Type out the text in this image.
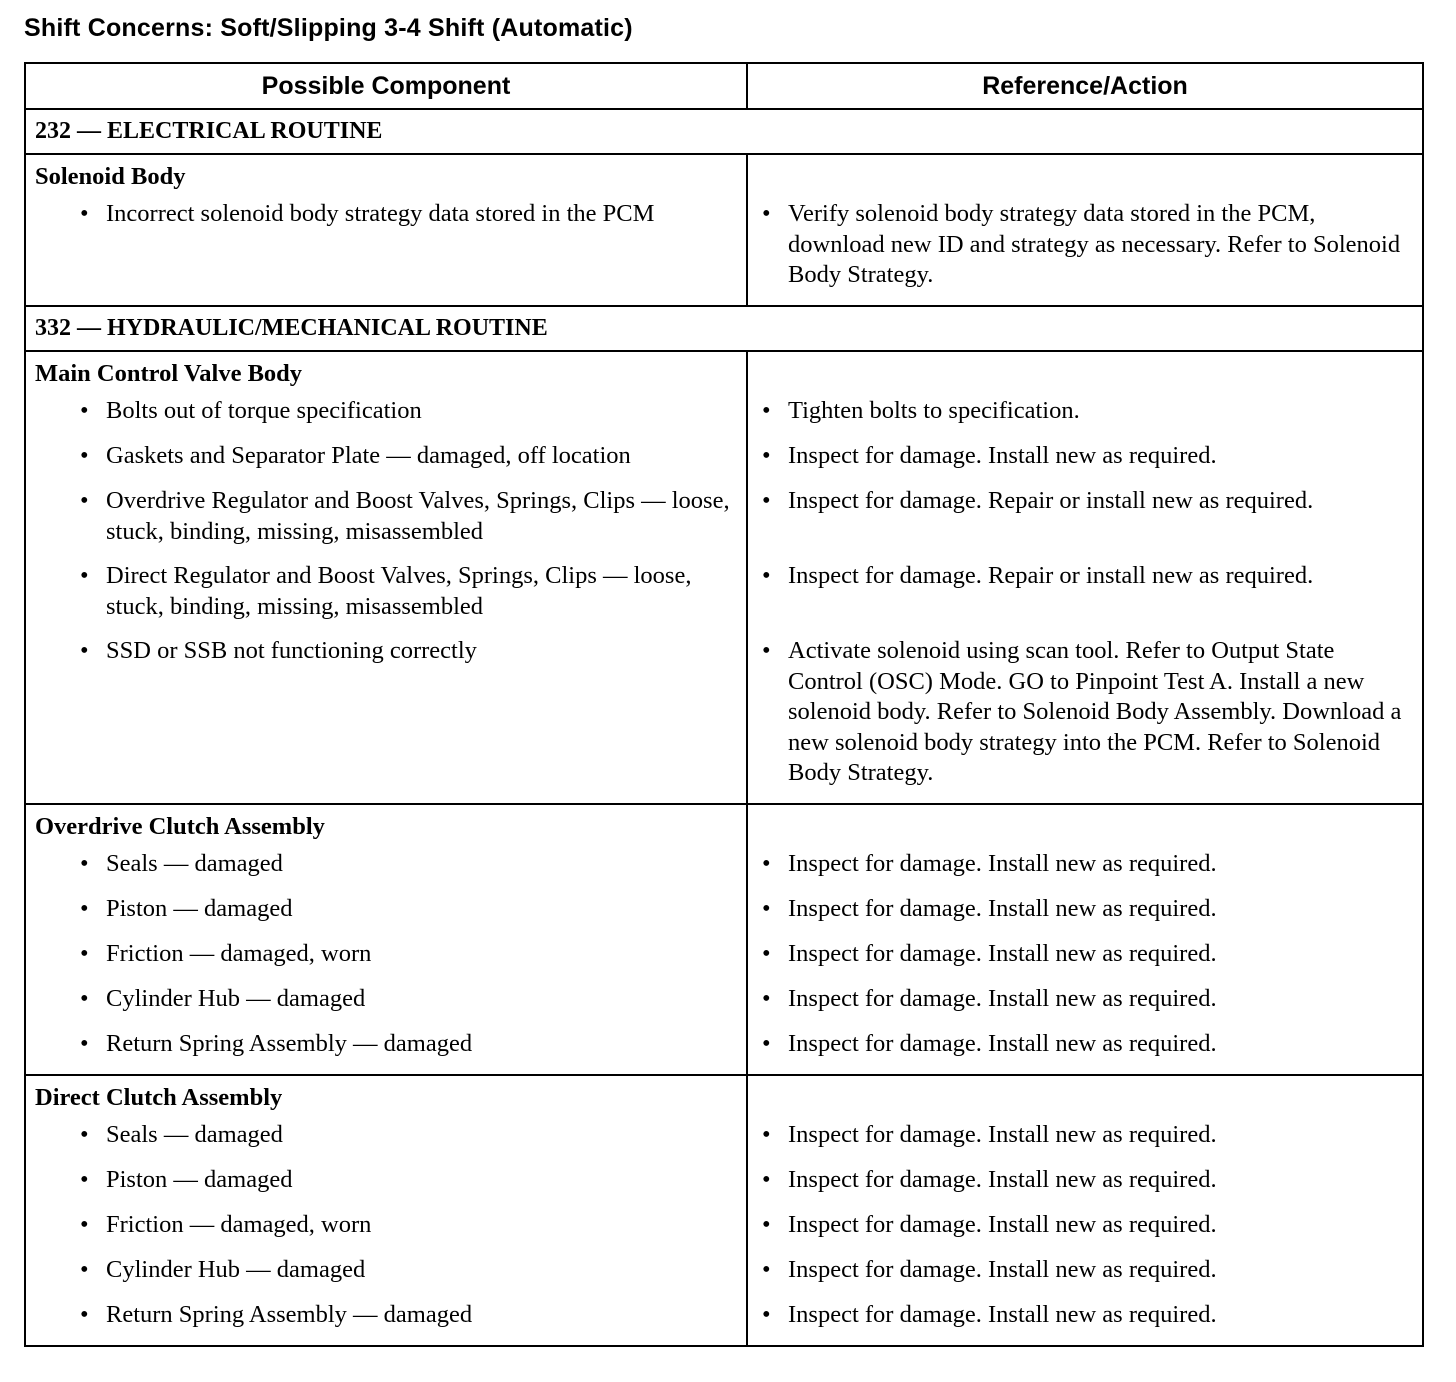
Shift Concerns: Soft/Slipping 3-4 Shift (Automatic)
Possible Component	Reference/Action
232 — ELECTRICAL ROUTINE
Solenoid Body
• Incorrect solenoid body strategy data stored in the PCM	• Verify solenoid body strategy data stored in the PCM, download new ID and strategy as necessary. Refer to Solenoid Body Strategy.
332 — HYDRAULIC/MECHANICAL ROUTINE
Main Control Valve Body
• Bolts out of torque specification
• Gaskets and Separator Plate — damaged, off location
• Overdrive Regulator and Boost Valves, Springs, Clips — loose, stuck, binding, missing, misassembled
• Direct Regulator and Boost Valves, Springs, Clips — loose, stuck, binding, missing, misassembled
• SSD or SSB not functioning correctly
• Tighten bolts to specification.
• Inspect for damage. Install new as required.
• Inspect for damage. Repair or install new as required.
• Inspect for damage. Repair or install new as required.
• Activate solenoid using scan tool. Refer to Output State Control (OSC) Mode. GO to Pinpoint Test A. Install a new solenoid body. Refer to Solenoid Body Assembly. Download a new solenoid body strategy into the PCM. Refer to Solenoid Body Strategy.
Overdrive Clutch Assembly
• Seals — damaged
• Piston — damaged
• Friction — damaged, worn
• Cylinder Hub — damaged
• Return Spring Assembly — damaged
• Inspect for damage. Install new as required.
• Inspect for damage. Install new as required.
• Inspect for damage. Install new as required.
• Inspect for damage. Install new as required.
• Inspect for damage. Install new as required.
Direct Clutch Assembly
• Seals — damaged
• Piston — damaged
• Friction — damaged, worn
• Cylinder Hub — damaged
• Return Spring Assembly — damaged
• Inspect for damage. Install new as required.
• Inspect for damage. Install new as required.
• Inspect for damage. Install new as required.
• Inspect for damage. Install new as required.
• Inspect for damage. Install new as required.
